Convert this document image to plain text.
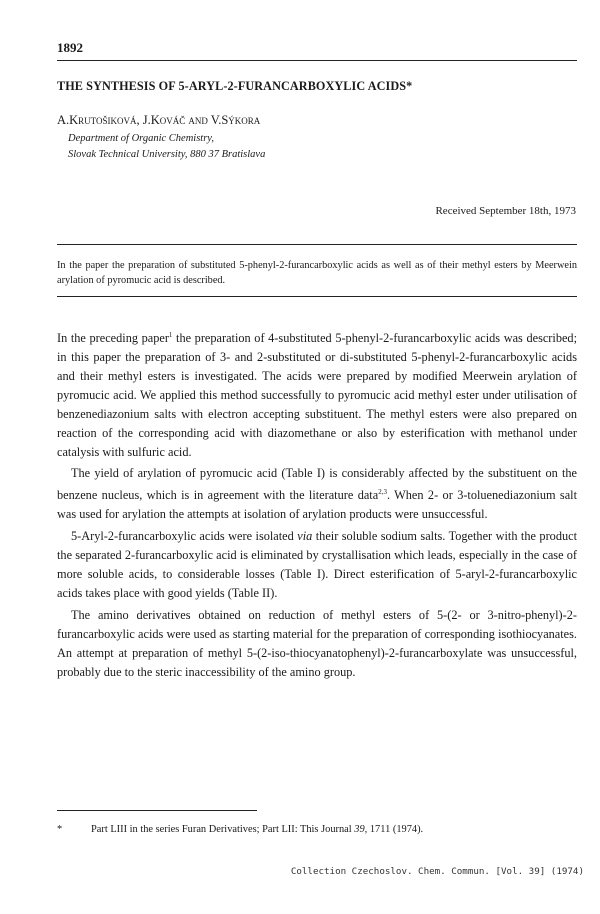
1892
THE SYNTHESIS OF 5-ARYL-2-FURANCARBOXYLIC ACIDS*
A.Krutošiková, J.Kováč and V.Sýkora
Department of Organic Chemistry,
Slovak Technical University, 880 37 Bratislava
Received September 18th, 1973
In the paper the preparation of substituted 5-phenyl-2-furancarboxylic acids as well as of their methyl esters by Meerwein arylation of pyromucic acid is described.

In the preceding paper$^1$ the preparation of 4-substituted 5-phenyl-2-furancarboxylic acids was described; in this paper the preparation of 3- and 2-substituted or di-substituted 5-phenyl-2-furancarboxylic acids and their methyl esters is investigated. The acids were prepared by modified Meerwein arylation of pyromucic acid. We applied this method successfully to pyromucic acid methyl ester under utilisation of benzenediazonium salts with electron accepting substituent. The methyl esters were also prepared on reaction of the corresponding acid with diazomethane or also by esterification with methanol under catalysis with sulfuric acid.

The yield of arylation of pyromucic acid (Table I) is considerably affected by the substituent on the benzene nucleus, which is in agreement with the literature data$^{2,3}$. When 2- or 3-toluenediazonium salt was used for arylation the attempts at isolation of arylation products were unsuccessful.

5-Aryl-2-furancarboxylic acids were isolated via their soluble sodium salts. Together with the product the separated 2-furancarboxylic acid is eliminated by crystallisation which leads, especially in the case of more soluble acids, to considerable losses (Table I). Direct esterification of 5-aryl-2-furancarboxylic acids takes place with good yields (Table II).

The amino derivatives obtained on reduction of methyl esters of 5-(2- or 3-nitro-phenyl)-2-furancarboxylic acids were used as starting material for the preparation of corresponding isothiocyanates. An attempt at preparation of methyl 5-(2-iso-thiocyanatophenyl)-2-furancarboxylate was unsuccessful, probably due to the steric inaccessibility of the amino group.

*	Part LIII in the series Furan Derivatives; Part LII: This Journal 39, 1711 (1974).
Collection Czechoslov. Chem. Commun. [Vol. 39] (1974)
